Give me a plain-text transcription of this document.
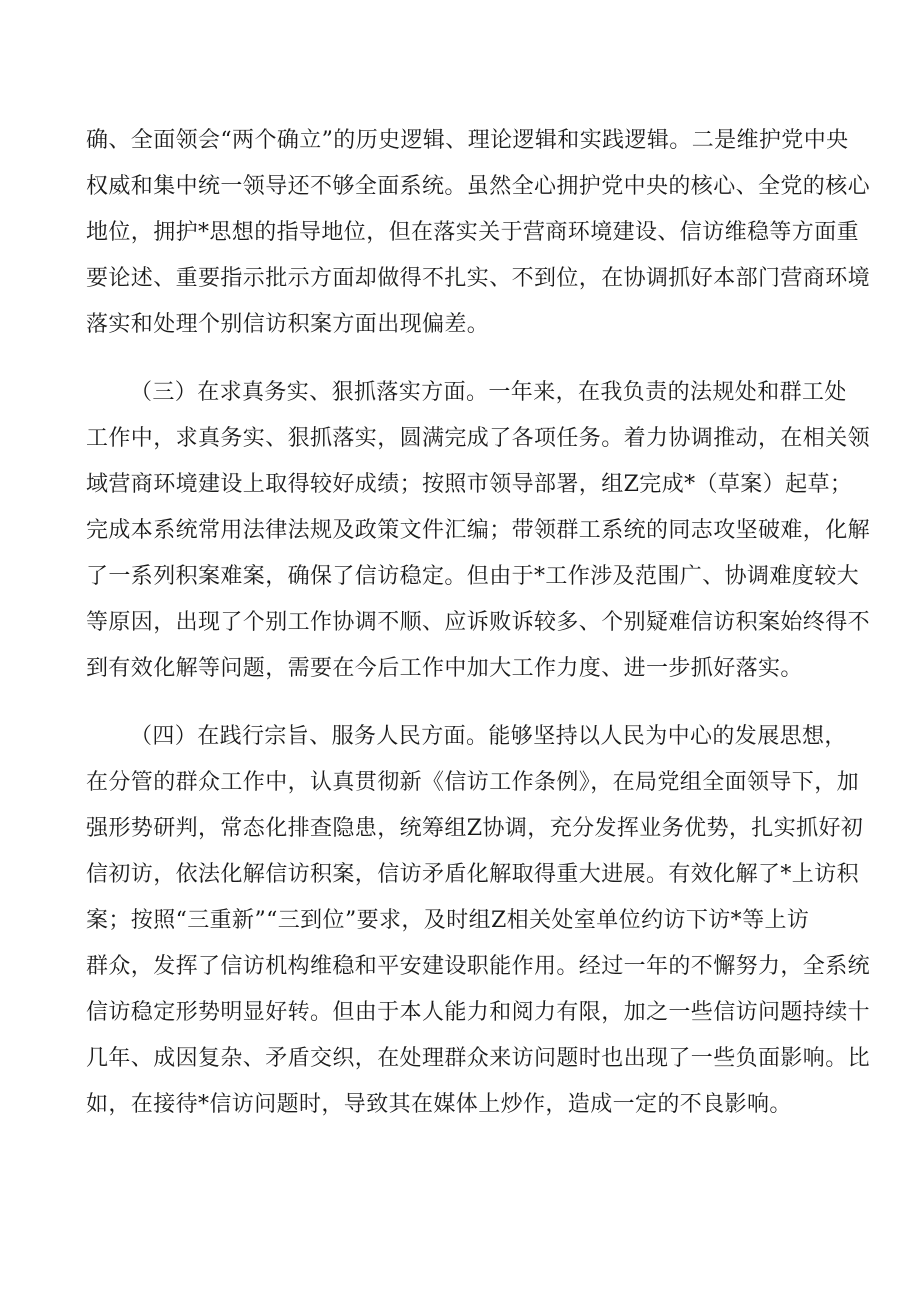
确、全面领会“两个确立”的历史逻辑、理论逻辑和实践逻辑。二是维护党中央
权威和集中统一领导还不够全面系统。虽然全心拥护党中央的核心、全党的核心
地位，拥护*思想的指导地位，但在落实关于营商环境建设、信访维稳等方面重
要论述、重要指示批示方面却做得不扎实、不到位，在协调抓好本部门营商环境
落实和处理个别信访积案方面出现偏差。
（三）在求真务实、狠抓落实方面。一年来，在我负责的法规处和群工处
工作中，求真务实、狠抓落实，圆满完成了各项任务。着力协调推动，在相关领
域营商环境建设上取得较好成绩；按照市领导部署，组Z完成*（草案）起草；
完成本系统常用法律法规及政策文件汇编；带领群工系统的同志攻坚破难，化解
了一系列积案难案，确保了信访稳定。但由于*工作涉及范围广、协调难度较大
等原因，出现了个别工作协调不顺、应诉败诉较多、个别疑难信访积案始终得不
到有效化解等问题，需要在今后工作中加大工作力度、进一步抓好落实。
（四）在践行宗旨、服务人民方面。能够坚持以人民为中心的发展思想，
在分管的群众工作中，认真贯彻新《信访工作条例》，在局党组全面领导下，加
强形势研判，常态化排查隐患，统筹组Z协调，充分发挥业务优势，扎实抓好初
信初访，依法化解信访积案，信访矛盾化解取得重大进展。有效化解了*上访积
案；按照“三重新”“三到位”要求，及时组Z相关处室单位约访下访*等上访
群众，发挥了信访机构维稳和平安建设职能作用。经过一年的不懈努力，全系统
信访稳定形势明显好转。但由于本人能力和阅力有限，加之一些信访问题持续十
几年、成因复杂、矛盾交织，在处理群众来访问题时也出现了一些负面影响。比
如，在接待*信访问题时，导致其在媒体上炒作，造成一定的不良影响。
